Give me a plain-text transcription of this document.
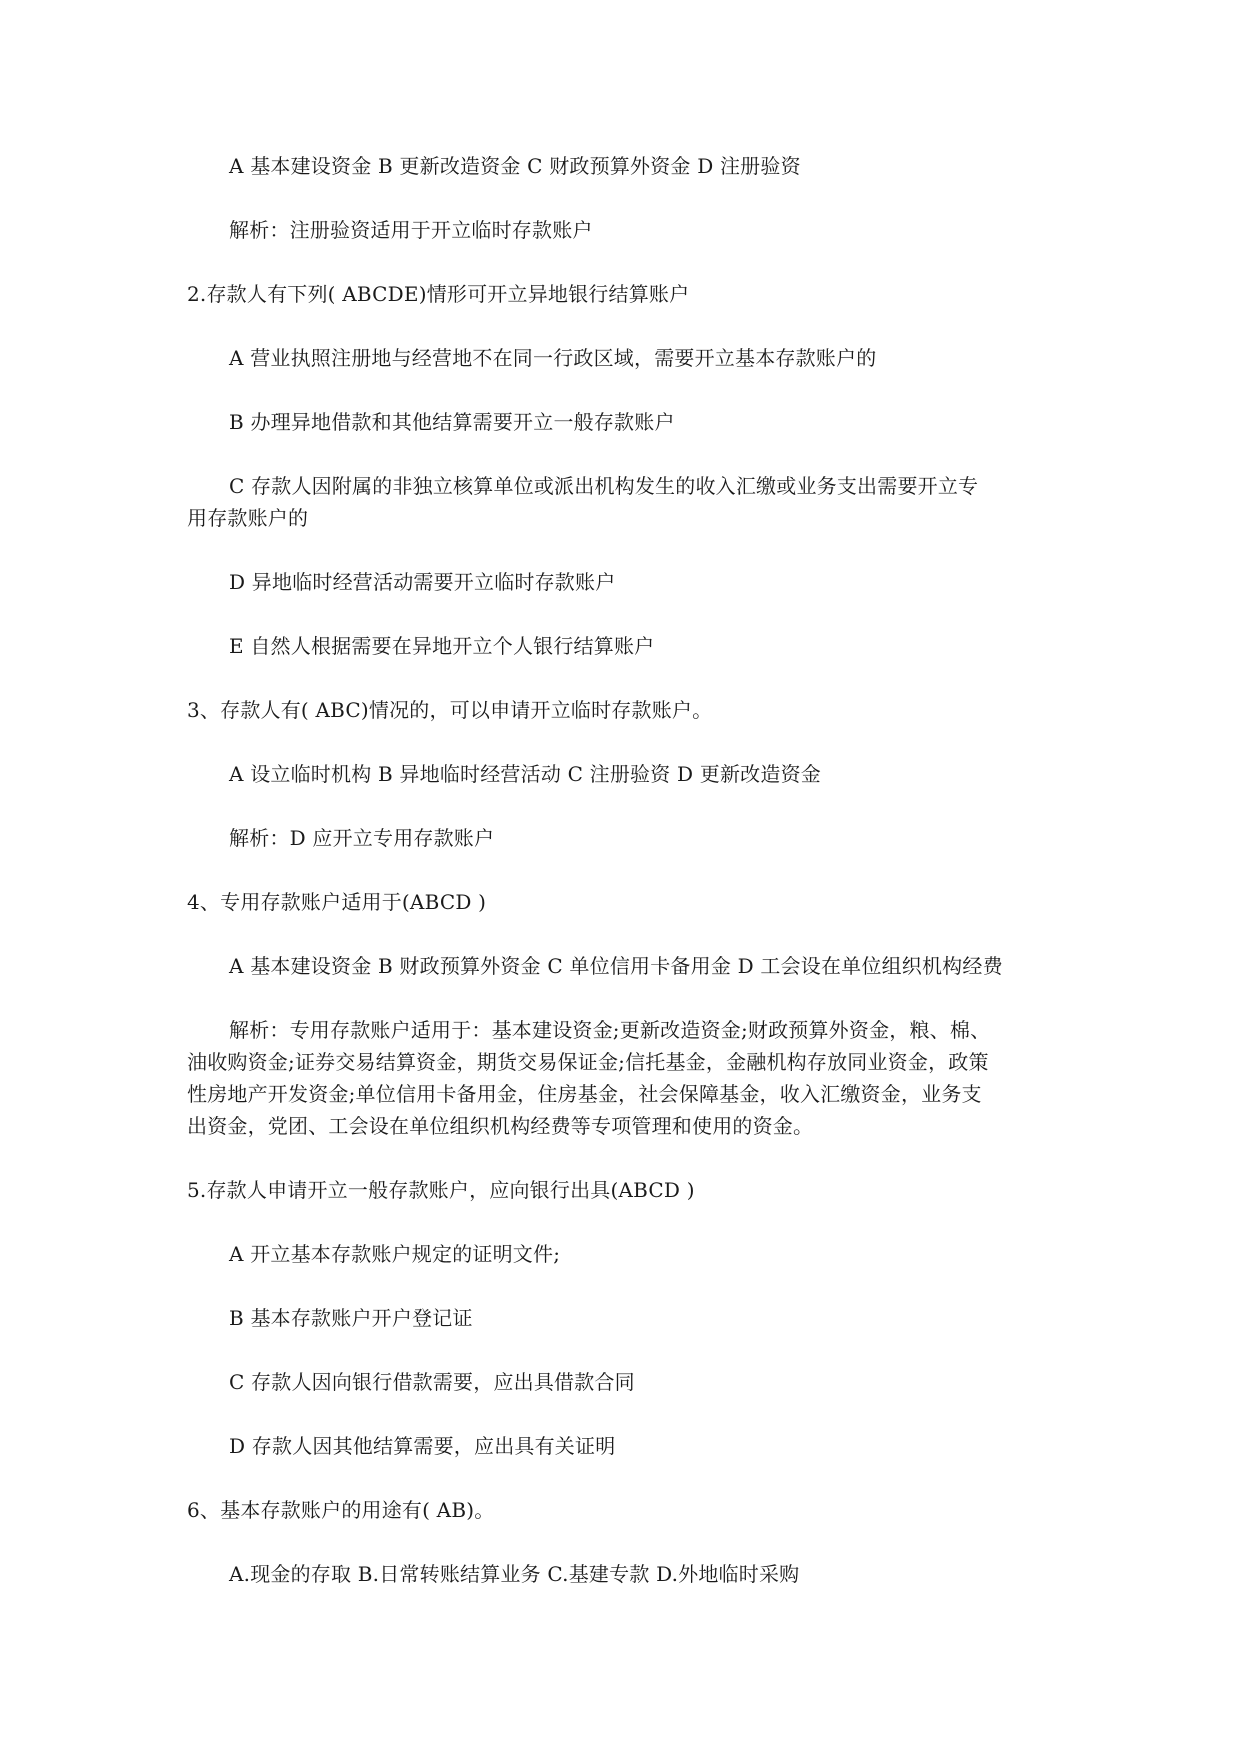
A 基本建设资金 B 更新改造资金 C 财政预算外资金 D 注册验资
解析：注册验资适用于开立临时存款账户
2.存款人有下列( ABCDE)情形可开立异地银行结算账户
A 营业执照注册地与经营地不在同一行政区域，需要开立基本存款账户的
B 办理异地借款和其他结算需要开立一般存款账户
C 存款人因附属的非独立核算单位或派出机构发生的收入汇缴或业务支出需要开立专
用存款账户的
D 异地临时经营活动需要开立临时存款账户
E 自然人根据需要在异地开立个人银行结算账户
3、存款人有( ABC)情况的，可以申请开立临时存款账户。
A 设立临时机构 B 异地临时经营活动 C 注册验资 D 更新改造资金
解析：D 应开立专用存款账户
4、专用存款账户适用于(ABCD )
A 基本建设资金 B 财政预算外资金 C 单位信用卡备用金 D 工会设在单位组织机构经费
解析：专用存款账户适用于：基本建设资金;更新改造资金;财政预算外资金，粮、棉、
油收购资金;证券交易结算资金，期货交易保证金;信托基金，金融机构存放同业资金，政策
性房地产开发资金;单位信用卡备用金，住房基金，社会保障基金，收入汇缴资金，业务支
出资金，党团、工会设在单位组织机构经费等专项管理和使用的资金。
5.存款人申请开立一般存款账户，应向银行出具(ABCD )
A 开立基本存款账户规定的证明文件;
B 基本存款账户开户登记证
C 存款人因向银行借款需要，应出具借款合同
D 存款人因其他结算需要，应出具有关证明
6、基本存款账户的用途有( AB)。
A.现金的存取 B.日常转账结算业务 C.基建专款 D.外地临时采购
